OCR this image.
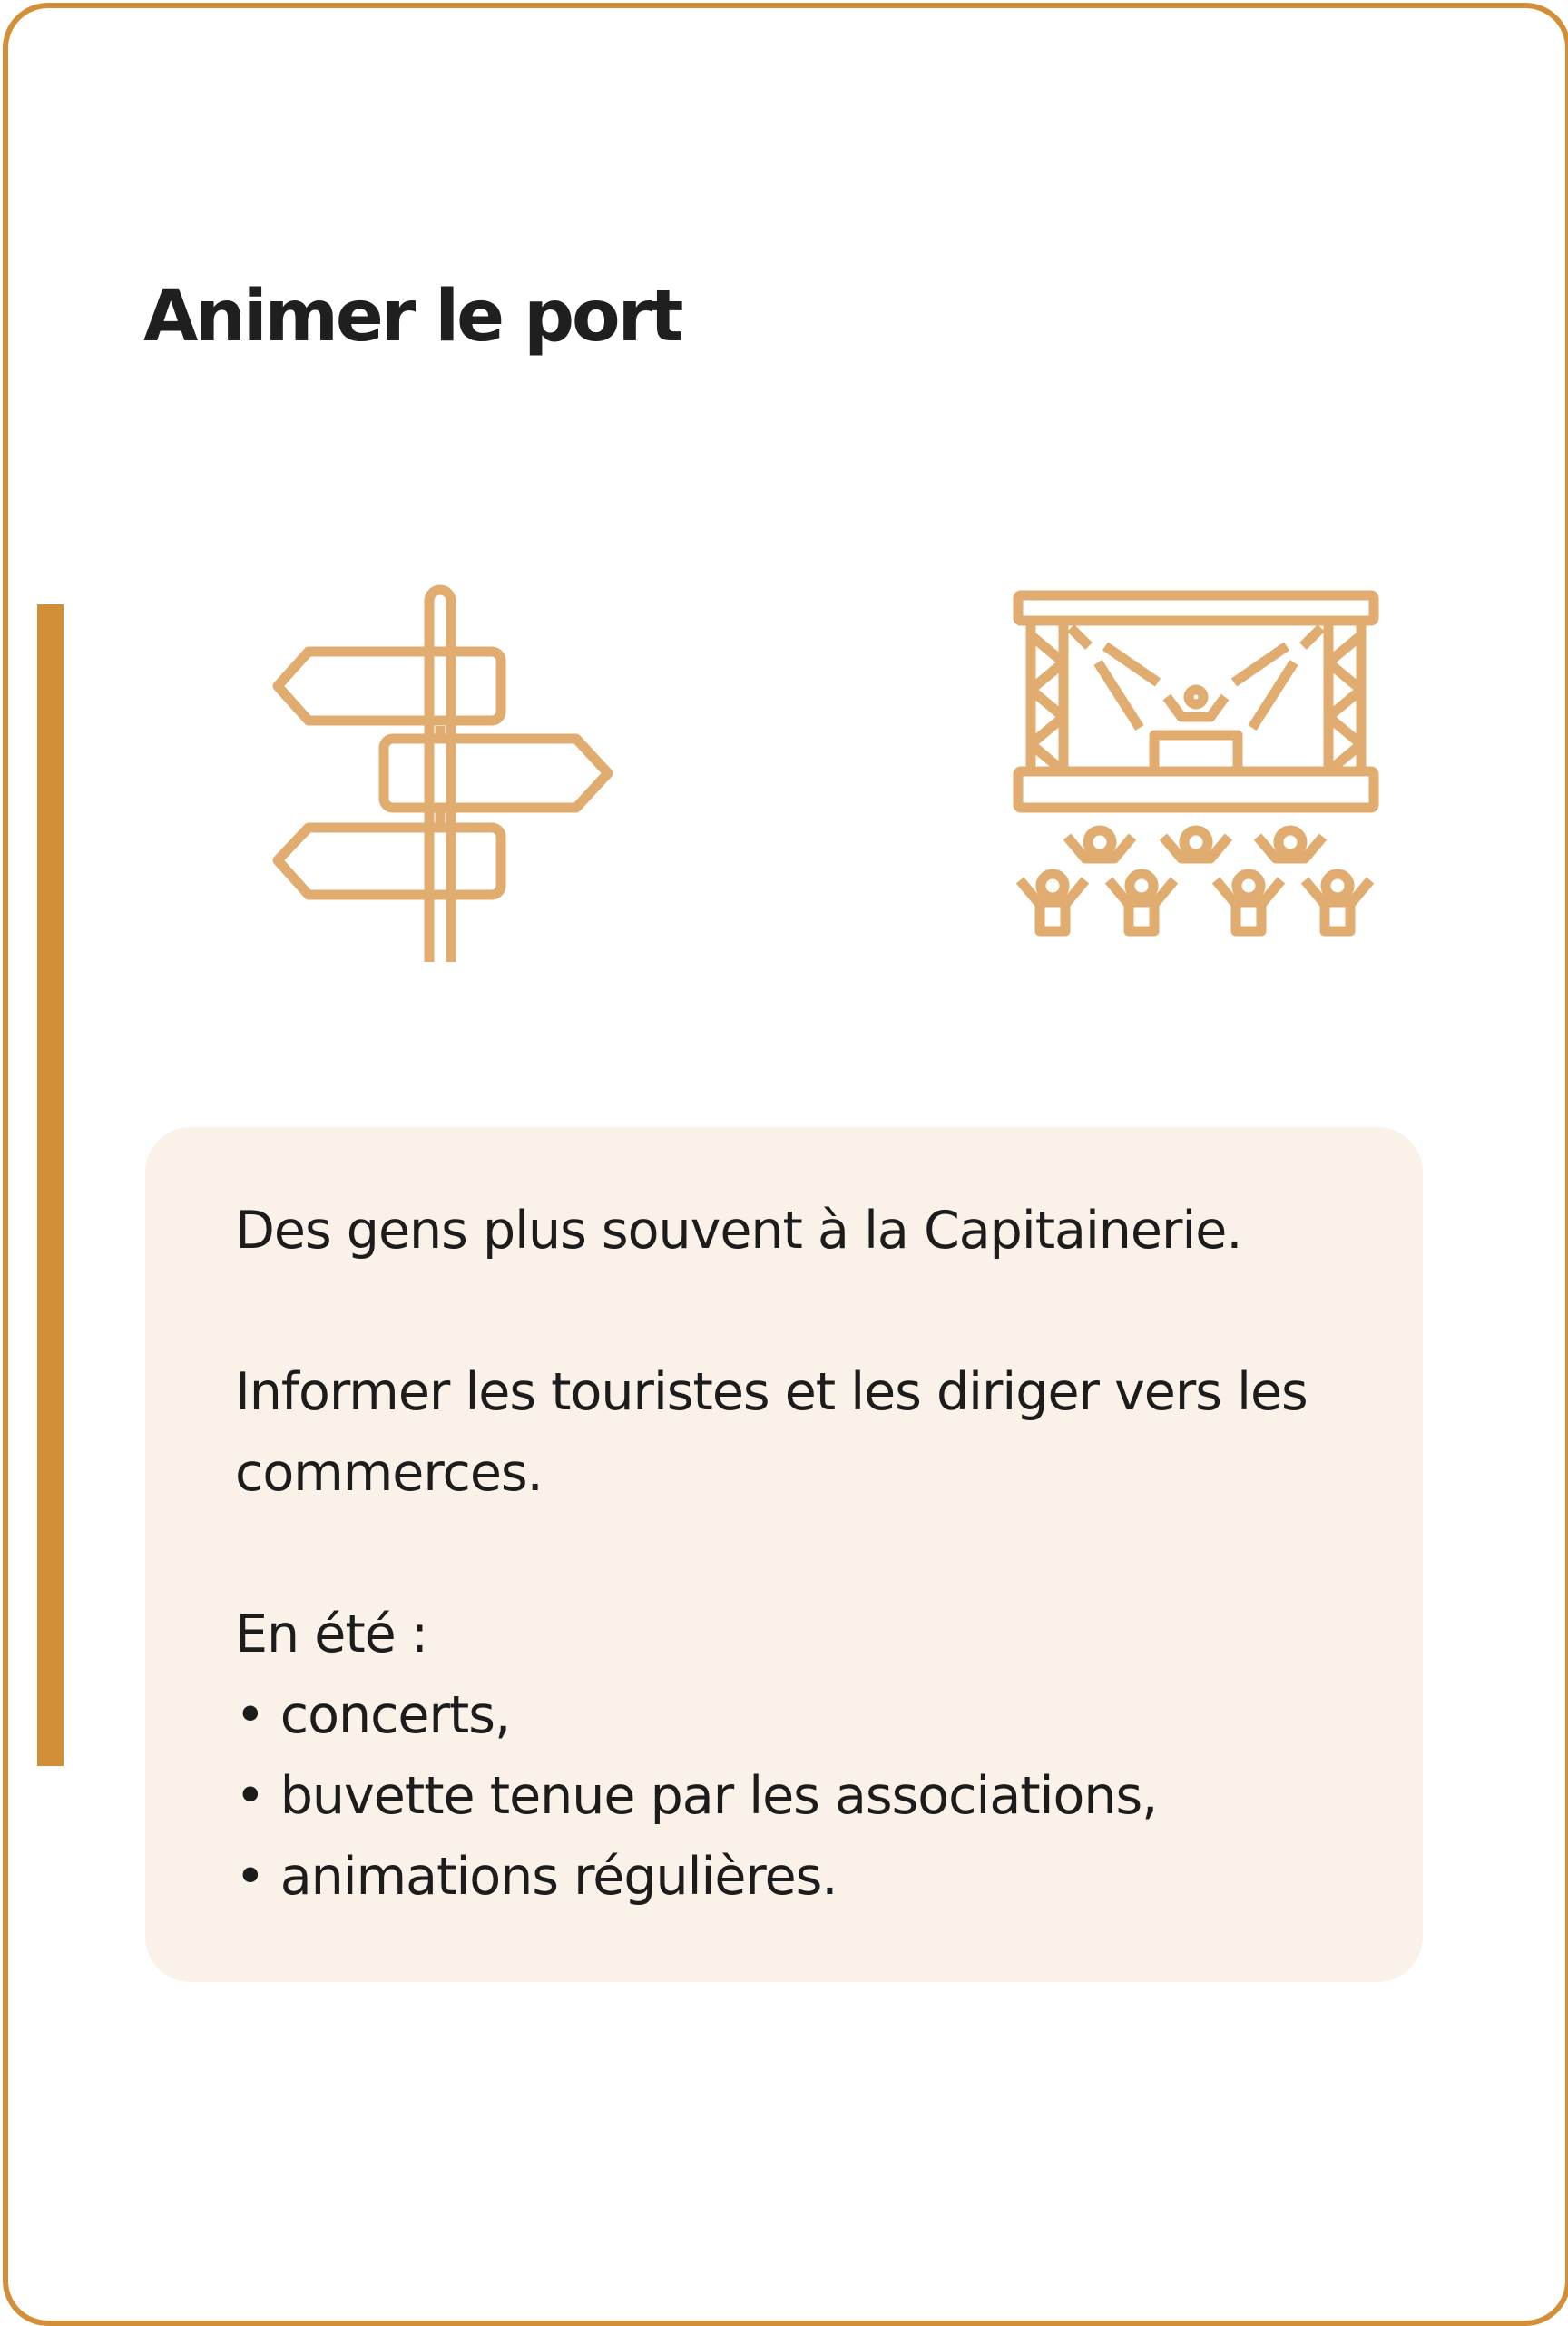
Animer le port

Des gens plus souvent à la Capitainerie.

Informer les touristes et les diriger vers les commerces.

En été :

• concerts,
• buvette tenue par les associations,
• animations régulières.
